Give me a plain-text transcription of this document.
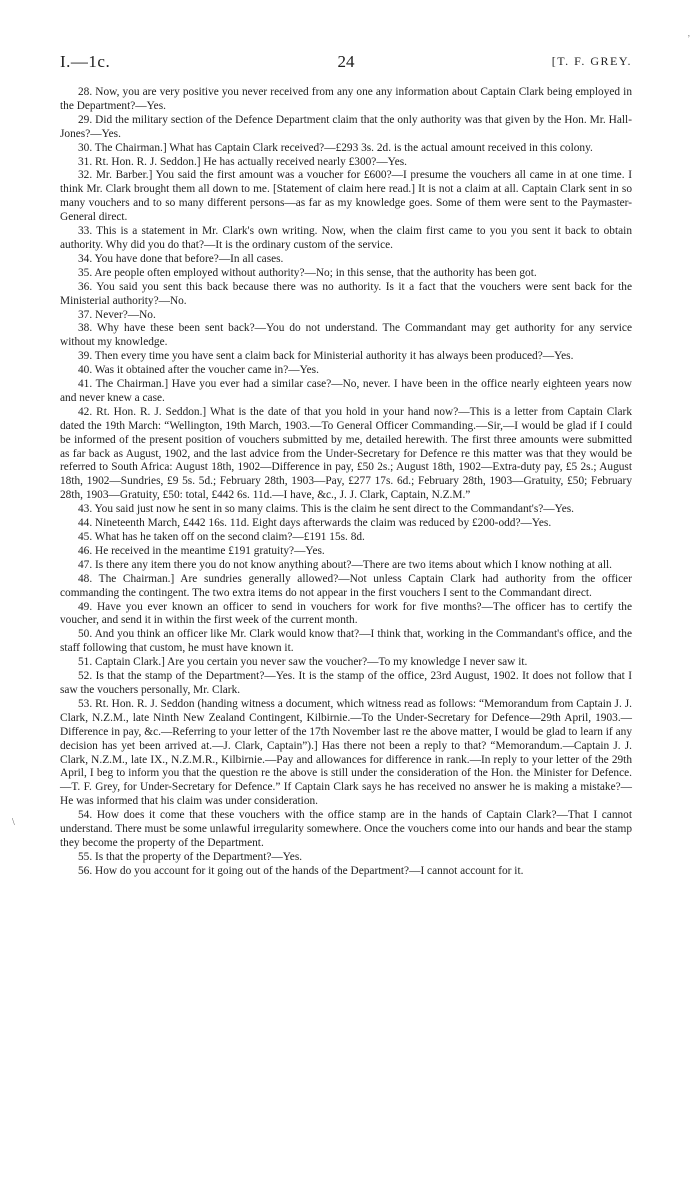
,
\
I.—1c.	24	[T. F. GREY.

28. Now, you are very positive you never received from any one any information about Captain Clark being employed in the Department?—Yes.

29. Did the military section of the Defence Department claim that the only authority was that given by the Hon. Mr. Hall-Jones?—Yes.

30. The Chairman.] What has Captain Clark received?—£293 3s. 2d. is the actual amount received in this colony.

31. Rt. Hon. R. J. Seddon.] He has actually received nearly £300?—Yes.

32. Mr. Barber.] You said the first amount was a voucher for £600?—I presume the vouchers all came in at one time. I think Mr. Clark brought them all down to me. [Statement of claim here read.] It is not a claim at all. Captain Clark sent in so many vouchers and to so many different persons—as far as my knowledge goes. Some of them were sent to the Paymaster-General direct.

33. This is a statement in Mr. Clark's own writing. Now, when the claim first came to you you sent it back to obtain authority. Why did you do that?—It is the ordinary custom of the service.

34. You have done that before?—In all cases.

35. Are people often employed without authority?—No; in this sense, that the authority has been got.

36. You said you sent this back because there was no authority. Is it a fact that the vouchers were sent back for the Ministerial authority?—No.

37. Never?—No.

38. Why have these been sent back?—You do not understand. The Commandant may get authority for any service without my knowledge.

39. Then every time you have sent a claim back for Ministerial authority it has always been produced?—Yes.

40. Was it obtained after the voucher came in?—Yes.

41. The Chairman.] Have you ever had a similar case?—No, never. I have been in the office nearly eighteen years now and never knew a case.

42. Rt. Hon. R. J. Seddon.] What is the date of that you hold in your hand now?—This is a letter from Captain Clark dated the 19th March: “Wellington, 19th March, 1903.—To General Officer Commanding.—Sir,—I would be glad if I could be informed of the present position of vouchers submitted by me, detailed herewith. The first three amounts were submitted as far back as August, 1902, and the last advice from the Under-Secretary for Defence re this matter was that they would be referred to South Africa: August 18th, 1902—Difference in pay, £50 2s.; August 18th, 1902—Extra-duty pay, £5 2s.; August 18th, 1902—Sundries, £9 5s. 5d.; February 28th, 1903—Pay, £277 17s. 6d.; February 28th, 1903—Gratuity, £50; February 28th, 1903—Gratuity, £50: total, £442 6s. 11d.—I have, &c., J. J. Clark, Captain, N.Z.M.”

43. You said just now he sent in so many claims. This is the claim he sent direct to the Commandant's?—Yes.

44. Nineteenth March, £442 16s. 11d. Eight days afterwards the claim was reduced by £200-odd?—Yes.

45. What has he taken off on the second claim?—£191 15s. 8d.

46. He received in the meantime £191 gratuity?—Yes.

47. Is there any item there you do not know anything about?—There are two items about which I know nothing at all.

48. The Chairman.] Are sundries generally allowed?—Not unless Captain Clark had authority from the officer commanding the contingent. The two extra items do not appear in the first vouchers I sent to the Commandant direct.

49. Have you ever known an officer to send in vouchers for work for five months?—The officer has to certify the voucher, and send it in within the first week of the current month.

50. And you think an officer like Mr. Clark would know that?—I think that, working in the Commandant's office, and the staff following that custom, he must have known it.

51. Captain Clark.] Are you certain you never saw the voucher?—To my knowledge I never saw it.

52. Is that the stamp of the Department?—Yes. It is the stamp of the office, 23rd August, 1902. It does not follow that I saw the vouchers personally, Mr. Clark.

53. Rt. Hon. R. J. Seddon (handing witness a document, which witness read as follows: “Memorandum from Captain J. J. Clark, N.Z.M., late Ninth New Zealand Contingent, Kilbirnie.—To the Under-Secretary for Defence—29th April, 1903.—Difference in pay, &c.—Referring to your letter of the 17th November last re the above matter, I would be glad to learn if any decision has yet been arrived at.—J. Clark, Captain”).] Has there not been a reply to that? “Memorandum.—Captain J. J. Clark, N.Z.M., late IX., N.Z.M.R., Kilbirnie.—Pay and allowances for difference in rank.—In reply to your letter of the 29th April, I beg to inform you that the question re the above is still under the consideration of the Hon. the Minister for Defence.—T. F. Grey, for Under-Secretary for Defence.” If Captain Clark says he has received no answer he is making a mistake?—He was informed that his claim was under consideration.

54. How does it come that these vouchers with the office stamp are in the hands of Captain Clark?—That I cannot understand. There must be some unlawful irregularity somewhere. Once the vouchers come into our hands and bear the stamp they become the property of the Department.

55. Is that the property of the Department?—Yes.

56. How do you account for it going out of the hands of the Department?—I cannot account for it.
